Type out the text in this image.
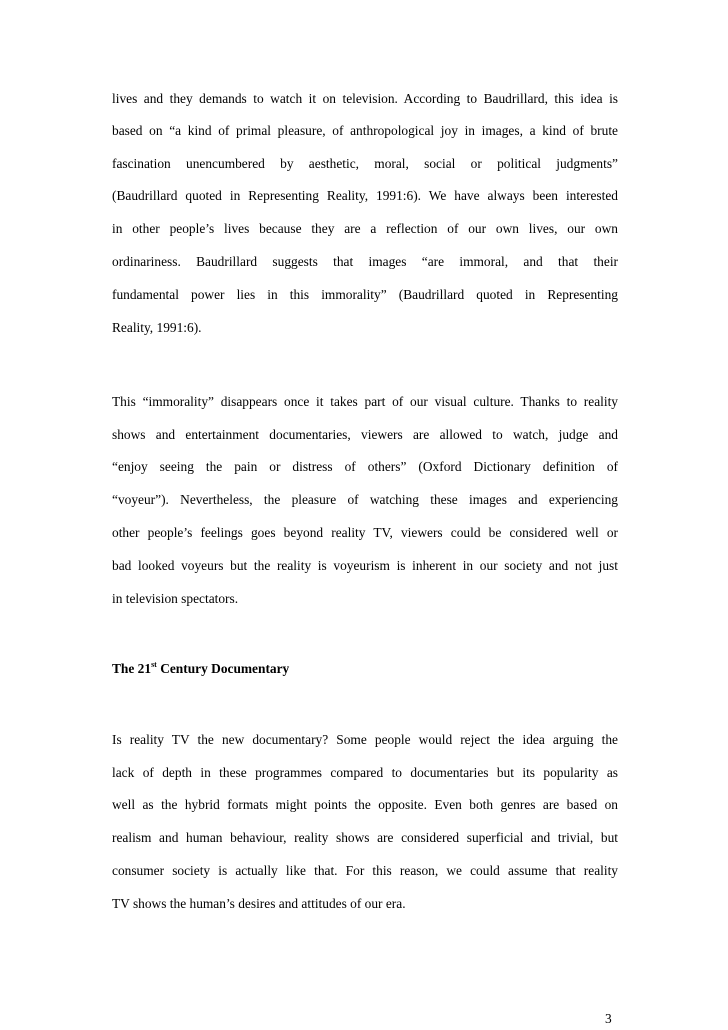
lives and they demands to watch it on television. According to Baudrillard, this idea is
based on “a kind of primal pleasure, of anthropological joy in images, a kind of brute
fascination unencumbered by aesthetic, moral, social or political judgments”
(Baudrillard quoted in Representing Reality, 1991:6). We have always been interested
in other people’s lives because they are a reflection of our own lives, our own
ordinariness. Baudrillard suggests that images “are immoral, and that their
fundamental power lies in this immorality” (Baudrillard quoted in Representing
Reality, 1991:6).
This “immorality” disappears once it takes part of our visual culture. Thanks to reality
shows and entertainment documentaries, viewers are allowed to watch, judge and
“enjoy seeing the pain or distress of others” (Oxford Dictionary definition of
“voyeur”). Nevertheless, the pleasure of watching these images and experiencing
other people’s feelings goes beyond reality TV, viewers could be considered well or
bad looked voyeurs but the reality is voyeurism is inherent in our society and not just
in television spectators.
The 21st Century Documentary
Is reality TV the new documentary? Some people would reject the idea arguing the
lack of depth in these programmes compared to documentaries but its popularity as
well as the hybrid formats might points the opposite. Even both genres are based on
realism and human behaviour, reality shows are considered superficial and trivial, but
consumer society is actually like that. For this reason, we could assume that reality
TV shows the human’s desires and attitudes of our era.
3
